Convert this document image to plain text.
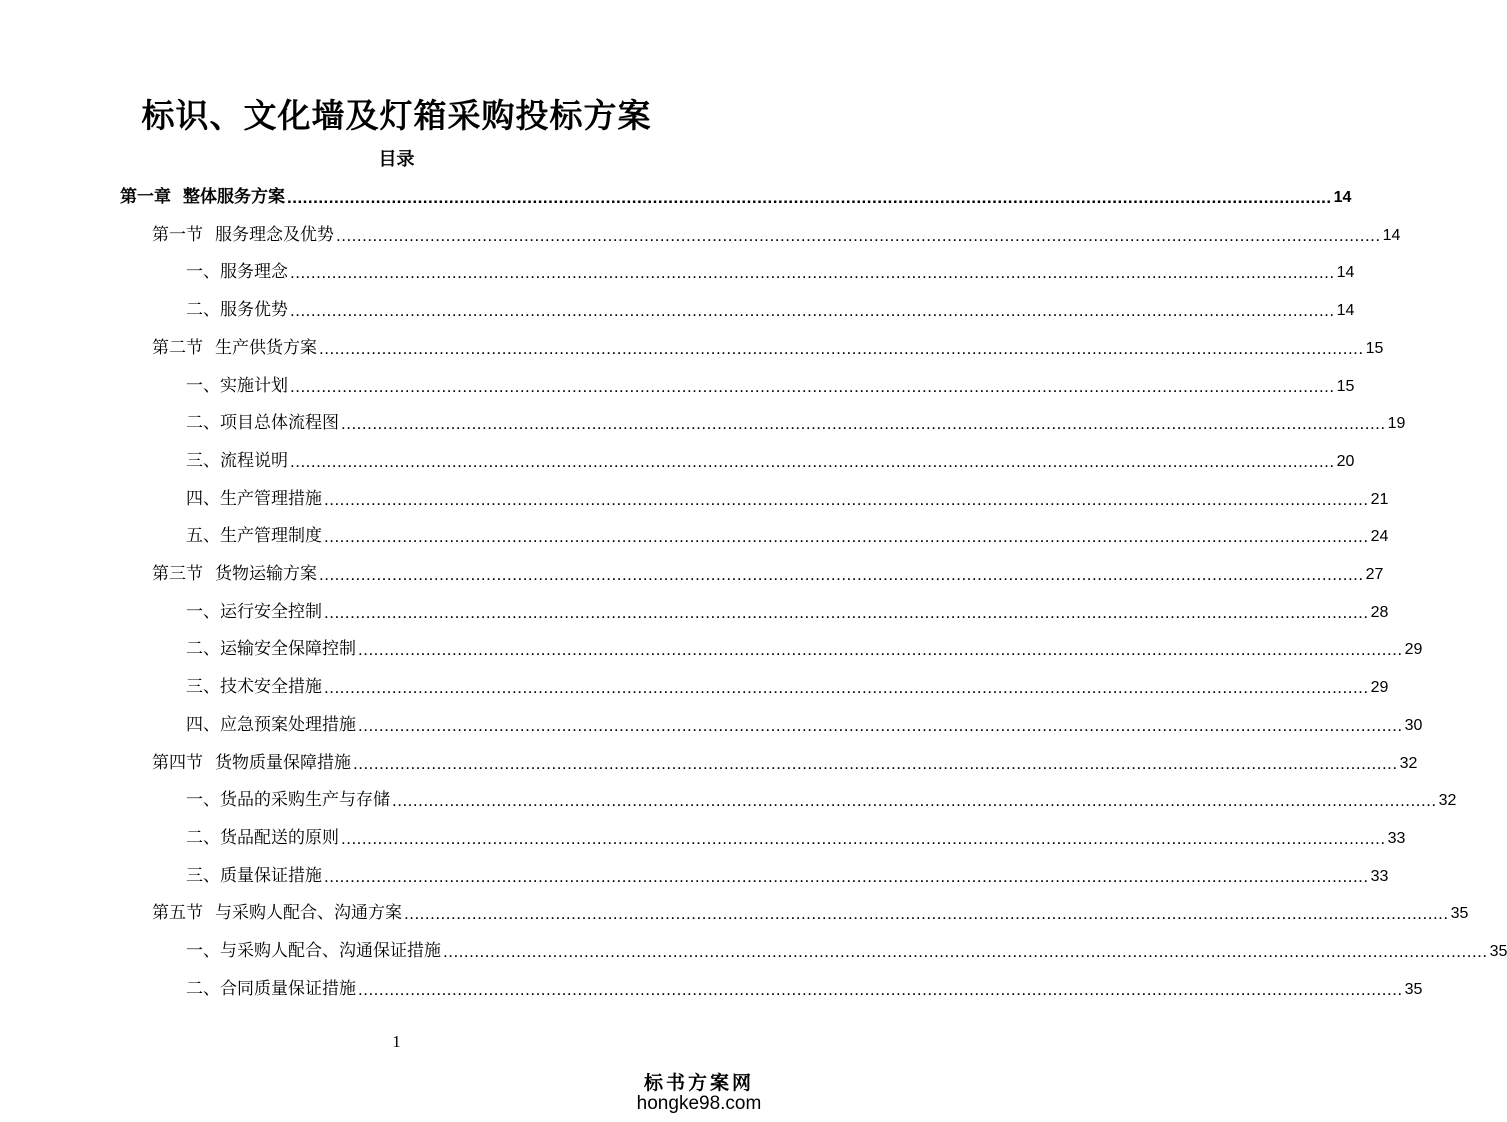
标识、文化墙及灯箱采购投标方案
目录
第一章 整体服务方案 ........................................................................................................................................................................................................ 14
第一节 服务理念及优势 ........................................................................................................................................................................................................ 14
一、服务理念 ........................................................................................................................................................................................................ 14
二、服务优势 ........................................................................................................................................................................................................ 14
第二节 生产供货方案 ........................................................................................................................................................................................................ 15
一、实施计划 ........................................................................................................................................................................................................ 15
二、项目总体流程图 ........................................................................................................................................................................................................ 19
三、流程说明 ........................................................................................................................................................................................................ 20
四、生产管理措施 ........................................................................................................................................................................................................ 21
五、生产管理制度 ........................................................................................................................................................................................................ 24
第三节 货物运输方案 ........................................................................................................................................................................................................ 27
一、运行安全控制 ........................................................................................................................................................................................................ 28
二、运输安全保障控制 ........................................................................................................................................................................................................ 29
三、技术安全措施 ........................................................................................................................................................................................................ 29
四、应急预案处理措施 ........................................................................................................................................................................................................ 30
第四节 货物质量保障措施 ........................................................................................................................................................................................................ 32
一、货品的采购生产与存储 ........................................................................................................................................................................................................ 32
二、货品配送的原则 ........................................................................................................................................................................................................ 33
三、质量保证措施 ........................................................................................................................................................................................................ 33
第五节 与采购人配合、沟通方案 ........................................................................................................................................................................................................ 35
一、与采购人配合、沟通保证措施 ........................................................................................................................................................................................................ 35
二、合同质量保证措施 ........................................................................................................................................................................................................ 35
1
标书方案网
hongke98.com
